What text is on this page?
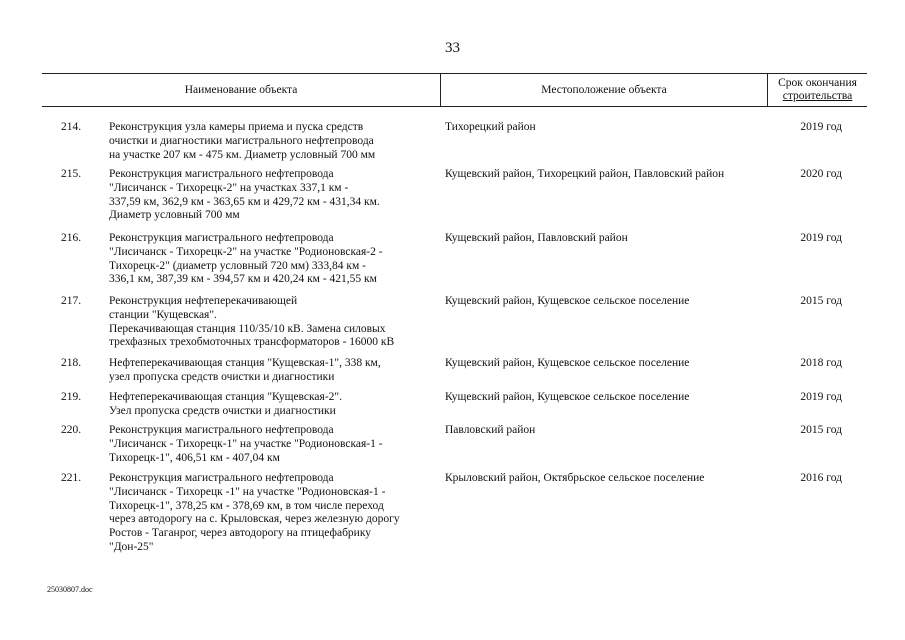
33
Наименование объекта	Местоположение объекта
Срок окончания
строительства
214. Реконструкция узла камеры приема и пуска средств
очистки и диагностики магистрального нефтепровода
на участке 207 км - 475 км. Диаметр условный 700 мм
Тихорецкий район	2019 год
215. Реконструкция магистрального нефтепровода
"Лисичанск - Тихорецк-2" на участках 337,1 км -
337,59 км, 362,9 км - 363,65 км и 429,72 км - 431,34 км.
Диаметр условный 700 мм
Кущевский район, Тихорецкий район, Павловский район	2020 год
216. Реконструкция магистрального нефтепровода
"Лисичанск - Тихорецк-2" на участке "Родионовская-2 -
Тихорецк-2" (диаметр условный 720 мм) 333,84 км -
336,1 км, 387,39 км - 394,57 км и 420,24 км - 421,55 км
Кущевский район, Павловский район	2019 год
217. Реконструкция нефтеперекачивающей
станции "Кущевская".
Перекачивающая станция 110/35/10 кВ. Замена силовых
трехфазных трехобмоточных трансформаторов - 16000 кВ
Кущевский район, Кущевское сельское поселение	2015 год
218. Нефтеперекачивающая станция "Кущевская-1", 338 км,
узел пропуска средств очистки и диагностики
Кущевский район, Кущевское сельское поселение	2018 год
219. Нефтеперекачивающая станция "Кущевская-2".
Узел пропуска средств очистки и диагностики
Кущевский район, Кущевское сельское поселение	2019 год
220. Реконструкция магистрального нефтепровода
"Лисичанск - Тихорецк-1" на участке "Родионовская-1 -
Тихорецк-1", 406,51 км - 407,04 км
Павловский район	2015 год
221. Реконструкция магистрального нефтепровода
"Лисичанск - Тихорецк -1" на участке "Родионовская-1 -
Тихорецк-1", 378,25 км - 378,69 км, в том числе переход
через автодорогу на с. Крыловская, через железную дорогу
Ростов - Таганрог, через автодорогу на птицефабрику
"Дон-25"
Крыловский район, Октябрьское сельское поселение	2016 год
25030807.doc
